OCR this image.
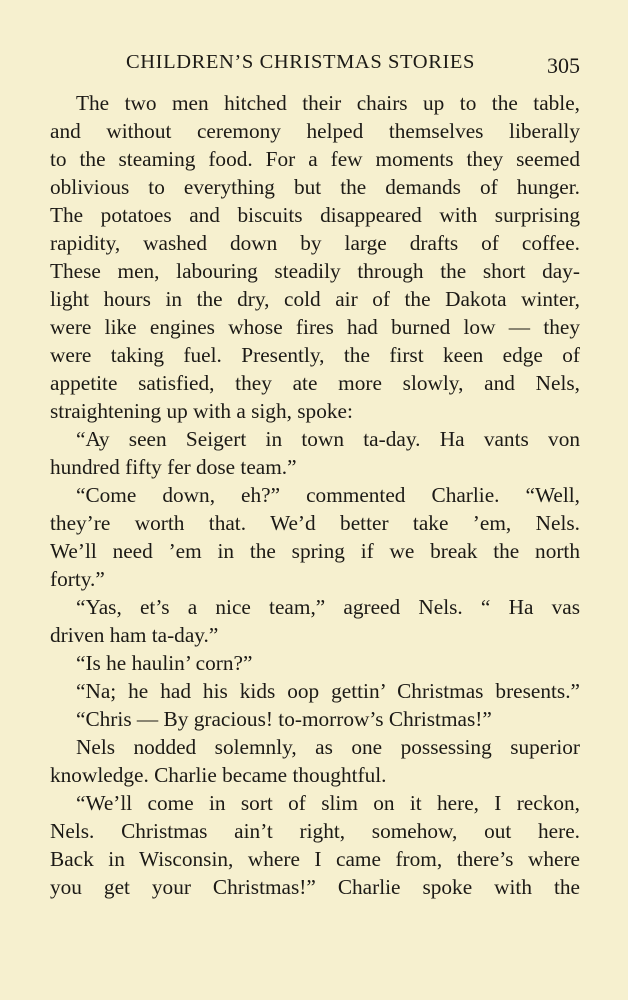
CHILDREN’S CHRISTMAS STORIES	305
The two men hitched their chairs up to the table,
and without ceremony helped themselves liberally
to the steaming food. For a few moments they seemed
oblivious to everything but the demands of hunger.
The potatoes and biscuits disappeared with surprising
rapidity, washed down by large drafts of coffee.
These men, labouring steadily through the short day-
light hours in the dry, cold air of the Dakota winter,
were like engines whose fires had burned low — they
were taking fuel. Presently, the first keen edge of
appetite satisfied, they ate more slowly, and Nels,
straightening up with a sigh, spoke:
“Ay seen Seigert in town ta-day. Ha vants von
hundred fifty fer dose team.”
“Come down, eh?” commented Charlie. “Well,
they’re worth that. We’d better take ’em, Nels.
We’ll need ’em in the spring if we break the north
forty.”
“Yas, et’s a nice team,” agreed Nels. “ Ha vas
driven ham ta-day.”
“Is he haulin’ corn?”
“Na; he had his kids oop gettin’ Christmas bresents.”
“Chris — By gracious! to-morrow’s Christmas!”
Nels nodded solemnly, as one possessing superior
knowledge. Charlie became thoughtful.
“We’ll come in sort of slim on it here, I reckon,
Nels. Christmas ain’t right, somehow, out here.
Back in Wisconsin, where I came from, there’s where
you get your Christmas!” Charlie spoke with the
